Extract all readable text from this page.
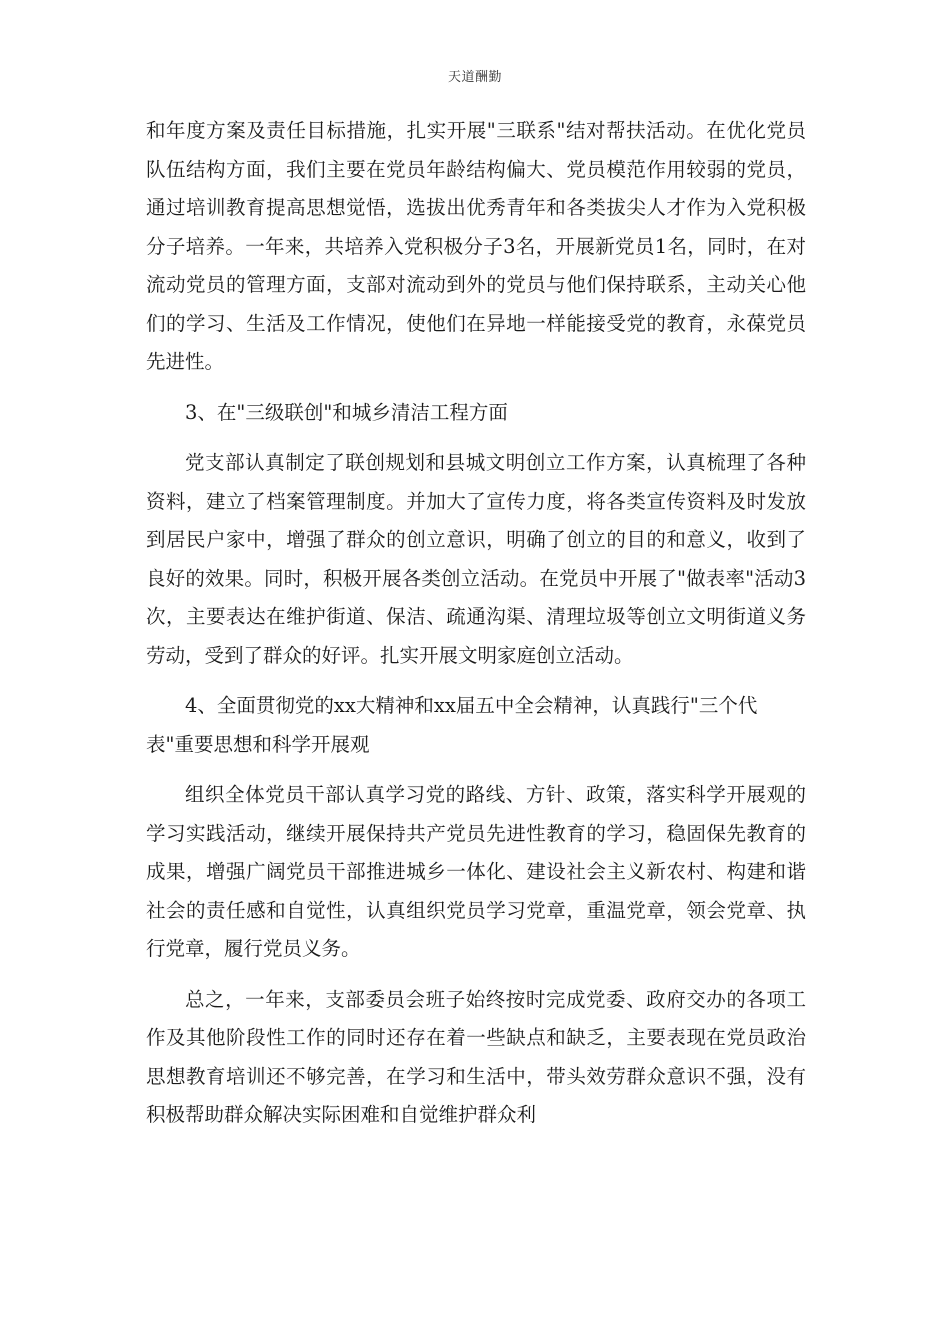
天道酬勤

和年度方案及责任目标措施，扎实开展"三联系"结对帮扶活动。在优化党员队伍结构方面，我们主要在党员年龄结构偏大、党员模范作用较弱的党员，通过培训教育提高思想觉悟，选拔出优秀青年和各类拔尖人才作为入党积极分子培养。一年来，共培养入党积极分子3名，开展新党员1名，同时，在对流动党员的管理方面，支部对流动到外的党员与他们保持联系，主动关心他们的学习、生活及工作情况，使他们在异地一样能接受党的教育，永葆党员先进性。

3、在"三级联创"和城乡清洁工程方面

党支部认真制定了联创规划和县城文明创立工作方案，认真梳理了各种资料，建立了档案管理制度。并加大了宣传力度，将各类宣传资料及时发放到居民户家中，增强了群众的创立意识，明确了创立的目的和意义，收到了良好的效果。同时，积极开展各类创立活动。在党员中开展了"做表率"活动3次，主要表达在维护街道、保洁、疏通沟渠、清理垃圾等创立文明街道义务劳动，受到了群众的好评。扎实开展文明家庭创立活动。

4、全面贯彻党的xx大精神和xx届五中全会精神，认真践行"三个代表"重要思想和科学开展观

组织全体党员干部认真学习党的路线、方针、政策，落实科学开展观的学习实践活动，继续开展保持共产党员先进性教育的学习，稳固保先教育的成果，增强广阔党员干部推进城乡一体化、建设社会主义新农村、构建和谐社会的责任感和自觉性，认真组织党员学习党章，重温党章，领会党章、执行党章，履行党员义务。

总之，一年来，支部委员会班子始终按时完成党委、政府交办的各项工作及其他阶段性工作的同时还存在着一些缺点和缺乏，主要表现在党员政治思想教育培训还不够完善，在学习和生活中，带头效劳群众意识不强，没有积极帮助群众解决实际困难和自觉维护群众利
